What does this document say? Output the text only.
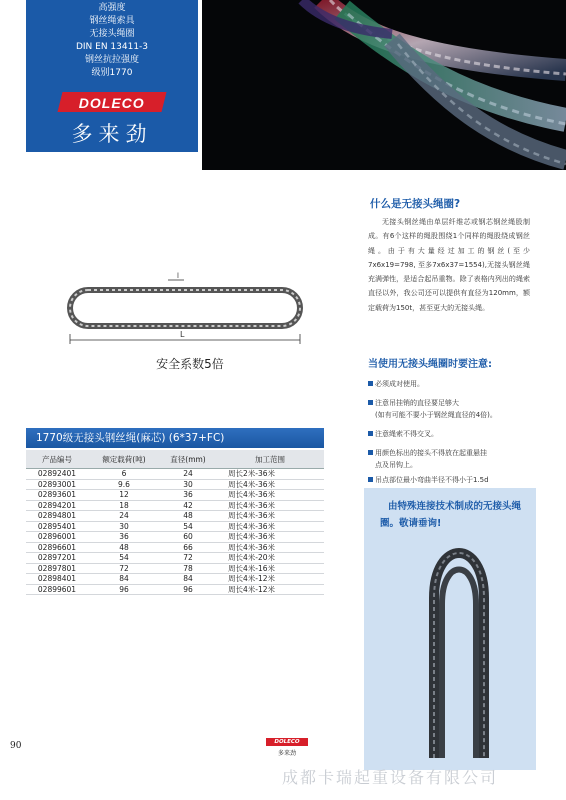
高强度
钢丝绳索具
无接头绳圈
DIN EN 13411-3
钢丝抗拉强度
级别1770
DOLECO
多来劲
什么是无接头绳圈?
无接头钢丝绳由单层纤维芯或钢芯钢丝绳股制成。有6个这样的绳股围绕1个同样的绳股绕成钢丝绳。由于有大量经过加工的钢丝(至少7x6x19=798, 至多7x6x37=1554),无接头钢丝绳充满弹性，是适合起吊重物。除了表格内列出的绳索直径以外，我公司还可以提供有直径为120mm，额定载荷为150t，甚至更大的无接头绳。
l
L
安全系数5倍	当使用无接头绳圈时要注意:
必须成对使用。
注意吊挂销的直径要足够大
(如有可能不要小于钢丝绳直径的4倍)。
注意绳索不得交叉。
用颜色标出的接头不得放在起重悬挂
点及吊钩上。
吊点部位最小弯曲半径不得小于1.5d
1770级无接头钢丝绳(麻芯) (6*37+FC)
产品编号	额定载荷(吨)	直径(mm)	加工范围
02892401	6	24	周长2米-36米
02893001	9.6	30	周长4米-36米
02893601	12	36	周长4米-36米
02894201	18	42	周长4米-36米
02894801	24	48	周长4米-36米
02895401	30	54	周长4米-36米
02896001	36	60	周长4米-36米
02896601	48	66	周长4米-36米
02897201	54	72	周长4米-20米
02897801	72	78	周长4米-16米
02898401	84	84	周长4米-12米
02899601	96	96	周长4米-12米
由特殊连接技术制成的无接头绳圈。敬请垂询!
90	DOLECO
多来劲
成都卡瑞起重设备有限公司
